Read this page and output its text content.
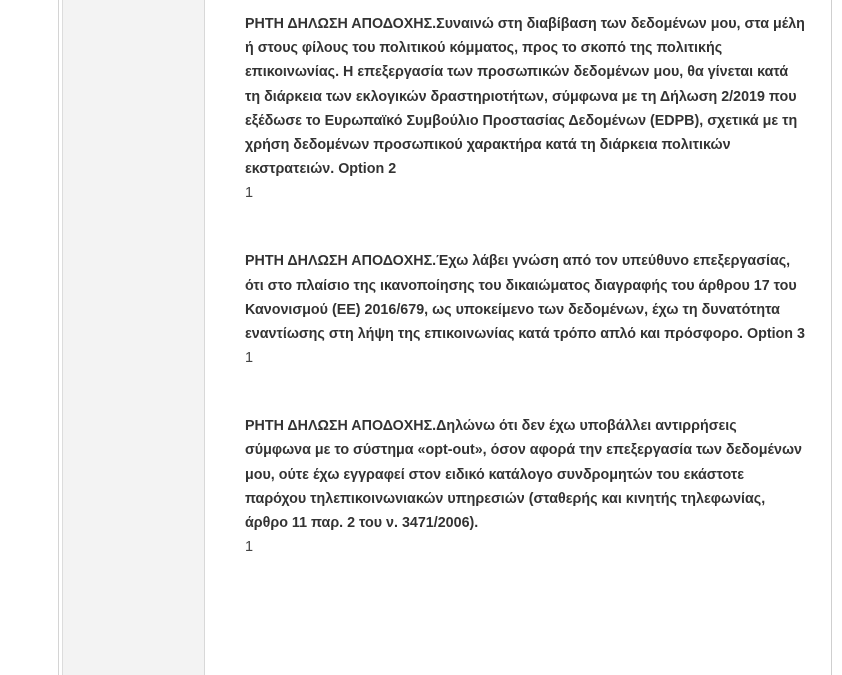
ΡΗΤΗ ΔΗΛΩΣΗ ΑΠΟΔΟΧΗΣ.Συναινώ στη διαβίβαση των δεδομένων μου, στα μέλη ή στους φίλους του πολιτικού κόμματος, προς το σκοπό της πολιτικής επικοινωνίας. Η επεξεργασία των προσωπικών δεδομένων μου, θα γίνεται κατά τη διάρκεια των εκλογικών δραστηριοτήτων, σύμφωνα με τη Δήλωση 2/2019 που εξέδωσε το Ευρωπαϊκό Συμβούλιο Προστασίας Δεδομένων (EDPB), σχετικά με τη χρήση δεδομένων προσωπικού χαρακτήρα κατά τη διάρκεια πολιτικών εκστρατειών. Option 2

1

ΡΗΤΗ ΔΗΛΩΣΗ ΑΠΟΔΟΧΗΣ.Έχω λάβει γνώση από τον υπεύθυνο επεξεργασίας, ότι στο πλαίσιο της ικανοποίησης του δικαιώματος διαγραφής του άρθρου 17 του Κανονισμού (ΕΕ) 2016/679, ως υποκείμενο των δεδομένων, έχω τη δυνατότητα εναντίωσης στη λήψη της επικοινωνίας κατά τρόπο απλό και πρόσφορο. Option 3

1

ΡΗΤΗ ΔΗΛΩΣΗ ΑΠΟΔΟΧΗΣ.Δηλώνω ότι δεν έχω υποβάλλει αντιρρήσεις σύμφωνα με το σύστημα «opt-out», όσον αφορά την επεξεργασία των δεδομένων μου, ούτε έχω εγγραφεί στον ειδικό κατάλογο συνδρομητών του εκάστοτε παρόχου τηλεπικοινωνιακών υπηρεσιών (σταθερής και κινητής τηλεφωνίας, άρθρο 11 παρ. 2 του ν. 3471/2006).

1
